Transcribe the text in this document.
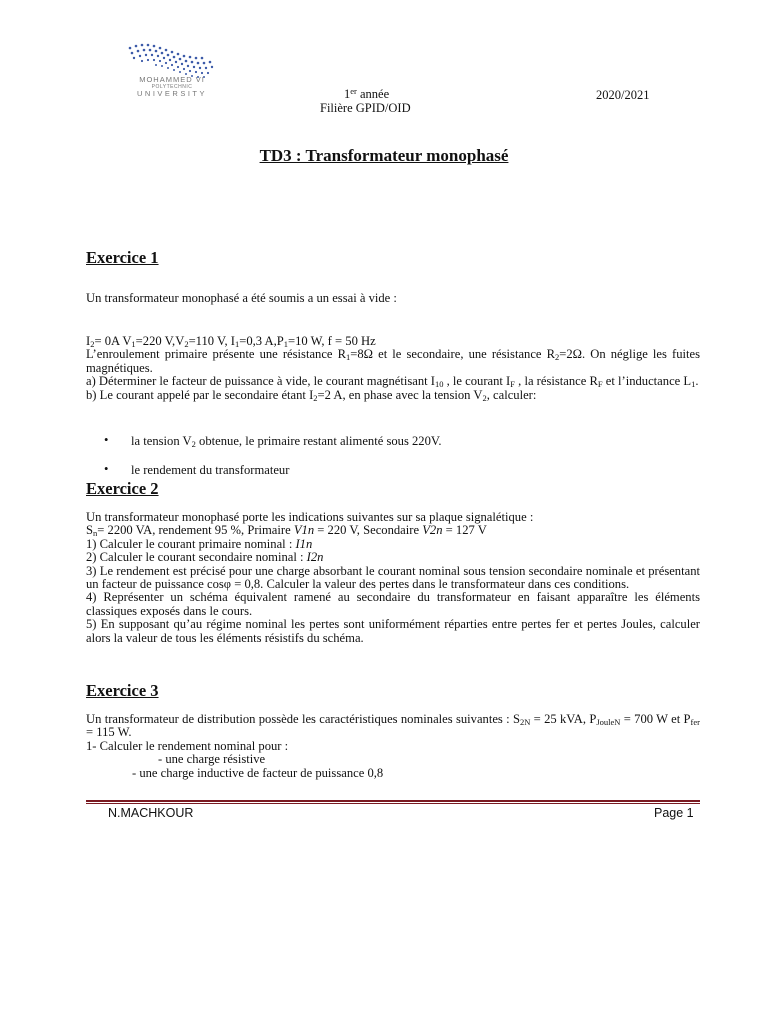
MOHAMMED VI
POLYTECHNIC
UNIVERSITY	1er année
Filière GPID/OID
2020/2021
TD3 : Transformateur monophasé
Exercice 1
Un transformateur monophasé a été soumis a un essai à vide :
$I_2= 0A$ $V_1=220$ $V,V_2=110$ V, $I_1=0,3$ $A,P_1=10$ W, f = 50 Hz
L’enroulement primaire présente une résistance $R_1=8\Omega$ et le secondaire, une résistance $R_2=2\Omega$. On néglige les fuites magnétiques.
a) Déterminer le facteur de puissance à vide, le courant magnétisant $I_{10}$ , le courant $I_F$ , la résistance $R_F$ et l’inductance $L_1$.
b) Le courant appelé par le secondaire étant $I_2=2$ A, en phase avec la tension $V_2$, calculer:
• la tension $V_2$ obtenue, le primaire restant alimenté sous 220V.
• le rendement du transformateur
Exercice 2
Un transformateur monophasé porte les indications suivantes sur sa plaque signalétique :
$S_n= 2200$ VA, rendement 95 %, Primaire V1n = 220 V, Secondaire V2n = 127 V
1) Calculer le courant primaire nominal : I1n
2) Calculer le courant secondaire nominal : I2n
3) Le rendement est précisé pour une charge absorbant le courant nominal sous tension secondaire nominale et présentant un facteur de puissance cosφ = 0,8. Calculer la valeur des pertes dans le transformateur dans ces conditions.
4) Représenter un schéma équivalent ramené au secondaire du transformateur en faisant apparaître les éléments classiques exposés dans le cours.
5) En supposant qu’au régime nominal les pertes sont uniformément réparties entre pertes fer et pertes Joules, calculer alors la valeur de tous les éléments résistifs du schéma.
Exercice 3
Un transformateur de distribution possède les caractéristiques nominales suivantes : $S_{2N} = 25$ kVA, $P_{JouleN} = 700$ W et $P_{fer} = 115$ W.
1- Calculer le rendement nominal pour :
- une charge résistive
- une charge inductive de facteur de puissance 0,8
N.MACHKOUR	Page 1
